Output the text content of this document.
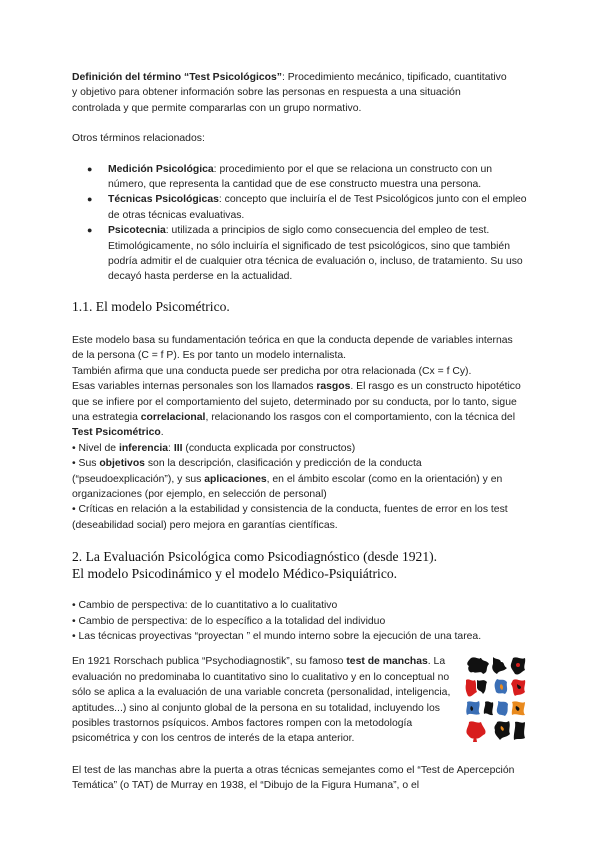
Definición del término “Test Psicológicos”: Procedimiento mecánico, tipificado, cuantitativo y objetivo para obtener información sobre las personas en respuesta a una situación controlada y que permite compararlas con un grupo normativo.

Otros términos relacionados:

● Medición Psicológica: procedimiento por el que se relaciona un constructo con un número, que representa la cantidad que de ese constructo muestra una persona.
● Técnicas Psicológicas: concepto que incluiría el de Test Psicológicos junto con el empleo de otras técnicas evaluativas.
● Psicotecnia: utilizada a principios de siglo como consecuencia del empleo de test. Etimológicamente, no sólo incluiría el significado de test psicológicos, sino que también podría admitir el de cualquier otra técnica de evaluación o, incluso, de tratamiento. Su uso decayó hasta perderse en la actualidad.
1.1. El modelo Psicométrico.

Este modelo basa su fundamentación teórica en que la conducta depende de variables internas de la persona (C = f P). Es por tanto un modelo internalista.

También afirma que una conducta puede ser predicha por otra relacionada (Cx = f Cy).

Esas variables internas personales son los llamados rasgos. El rasgo es un constructo hipotético que se infiere por el comportamiento del sujeto, determinado por su conducta, por lo tanto, sigue una estrategia correlacional, relacionando los rasgos con el comportamiento, con la técnica del Test Psicométrico.

• Nivel de inferencia: III (conducta explicada por constructos)

• Sus objetivos son la descripción, clasificación y predicción de la conducta (“pseudoexplicación”), y sus aplicaciones, en el ámbito escolar (como en la orientación) y en organizaciones (por ejemplo, en selección de personal)

• Críticas en relación a la estabilidad y consistencia de la conducta, fuentes de error en los test (deseabilidad social) pero mejora en garantías científicas.

2. La Evaluación Psicológica como Psicodiagnóstico (desde 1921).
El modelo Psicodinámico y el modelo Médico-Psiquiátrico.

• Cambio de perspectiva: de lo cuantitativo a lo cualitativo

• Cambio de perspectiva: de lo específico a la totalidad del individuo

• Las técnicas proyectivas “proyectan ” el mundo interno sobre la ejecución de una tarea.

En 1921 Rorschach publica “Psychodiagnostik”, su famoso test de manchas. La evaluación no predominaba lo cuantitativo sino lo cualitativo y en lo conceptual no sólo se aplica a la evaluación de una variable concreta (personalidad, inteligencia, aptitudes...) sino al conjunto global de la persona en su totalidad, incluyendo los posibles trastornos psíquicos. Ambos factores rompen con la metodología psicométrica y con los centros de interés de la etapa anterior.

El test de las manchas abre la puerta a otras técnicas semejantes como el “Test de Apercepción Temática” (o TAT) de Murray en 1938, el “Dibujo de la Figura Humana”, o el
